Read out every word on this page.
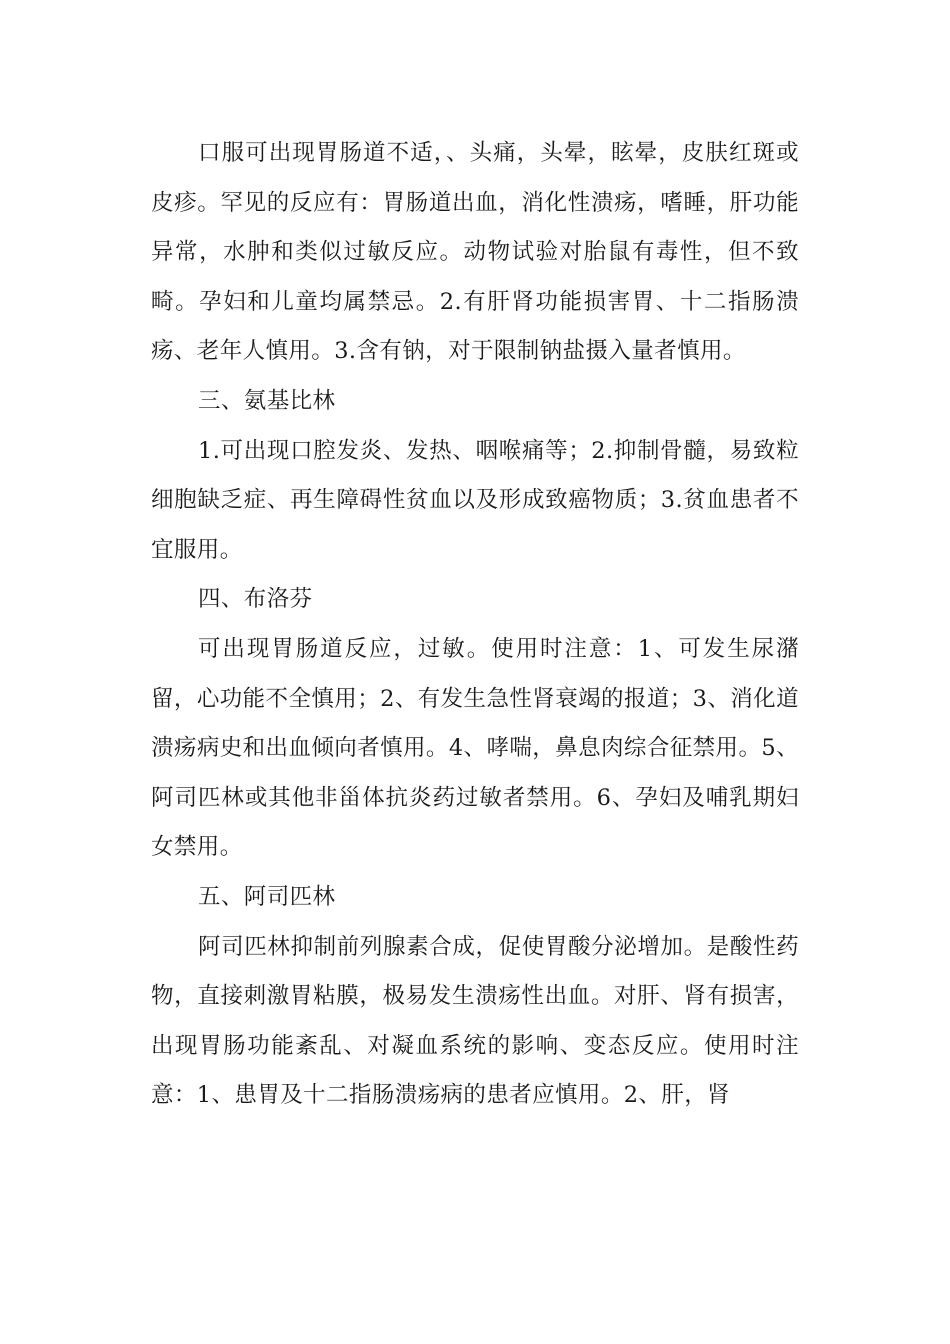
口服可出现胃肠道不适，、头痛，头晕，眩晕，皮肤红斑或皮疹。罕见的反应有：胃肠道出血，消化性溃疡，嗜睡，肝功能异常，水肿和类似过敏反应。动物试验对胎鼠有毒性，但不致畸。孕妇和儿童均属禁忌。2.有肝肾功能损害胃、十二指肠溃疡、老年人慎用。3.含有钠，对于限制钠盐摄入量者慎用。

三、氨基比林

1.可出现口腔发炎、发热、咽喉痛等；2.抑制骨髓，易致粒细胞缺乏症、再生障碍性贫血以及形成致癌物质；3.贫血患者不宜服用。

四、布洛芬

可出现胃肠道反应，过敏。使用时注意：1、可发生尿潴留，心功能不全慎用；2、有发生急性肾衰竭的报道；3、消化道溃疡病史和出血倾向者慎用。4、哮喘，鼻息肉综合征禁用。5、阿司匹林或其他非甾体抗炎药过敏者禁用。6、孕妇及哺乳期妇女禁用。

五、阿司匹林

阿司匹林抑制前列腺素合成，促使胃酸分泌增加。是酸性药物，直接刺激胃粘膜，极易发生溃疡性出血。对肝、肾有损害，出现胃肠功能紊乱、对凝血系统的影响、变态反应。使用时注意：1、患胃及十二指肠溃疡病的患者应慎用。2、肝，肾
